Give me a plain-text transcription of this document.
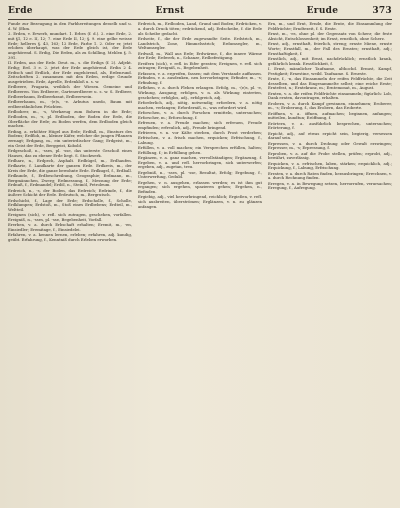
Erde	Ernst	Erude	373

Funde zur Bezeugung in den Farbhereitungen desselb und u. d. W. (Ehm.

2. Erden, v. Erwerb, mundart. 1. Erbes (f. d.). 2. eine Erde, 2. mit §1, 12 e. II, 12; 7. eine Erde II, 12; §. 9. eine gelbe weisse Erde; helleres §. 43, 163; 12 Erde, Farbe 1. 2. Oder er, jetzt erloben überhaupt, was der Erde gleich ist, der Erde angehörend. S. Erdig, Die Erden, als zu Schilling, Mehlen §. 5. 391.

II. Erden, aus der Erde. Deut. m., s. die Erdigs (f. 2). Adjekt. Erdig; Erd. 3 e. 2. jetzt der Erde angehörend. Erdin 2 4. Erdisch und Erdlich, der Erde zugehörend, als, Erdenrund. Zeitschriften 2. zusammen mit den Erden, erdige Grunde ausgetrieben. Erde, Aprelle, Erdenkloß u. s. w.

Erdbeere, Fragaria, weiblich der Wiesen. Gemeine und Erdbeeren. Von Erdbeere, Gartenerdbeere u. s. w. S. Erdbeer, Erdbeerbaum, Erdbeerkraut, Erdbeerwein.

Erdbeerbaum, m., -(e)s, -e. Arbutus unedo, Baum mit erdbeerähnlichen Früchten.

Erdbohrer, m., -s, Werkzeug zum Bohren in die Erde; Erdboden, m., -s, pl. Erdboden, der Boden der Erde, die Oberfläche der Erde; zu Boden werfen, dem Erdboden gleich machen.

Erding, a. erhöhter Hügel aus Erde; Erdfall, m., Einsturz des Bodens; Erdfloh, m., kleiner Käfer, welcher die jungen Pflanzen zernagt; Erdgang, m., ein unterirdischer Gang; Erdgeist, m., ein Geist der Erde, Berggeist, Kobold.

Erdgeschoß, n., -sses, pl. -sse, das unterste Geschoß eines Hauses, das zu ebener Erde liegt. S. Stockwerk.

Erdharz, n., Erdpech, Asphalt. Erdhügel, m., Erdhaufen. Erdkarte, f. Landkarte der ganzen Erde. Erdkreis, m., der Kreis der Erde, die ganze bewohnte Erde. Erdkugel, f., Erdball.

Erdkunde, f., Erdbeschreibung, Geographie; Erdmann, m., Bergmännchen, Zwerg; Erdmessung, f., Messung der Erde; Erdnuß, f., Erdmandel; Erdöl, n., Steinöl, Petroleum.

Erdreich, n., -s, der Boden, das Erdreich; Erdrinde, f., die äußere Schicht der Erde. Erdrutsch, m., Bergrutsch.

Erdschicht, f., Lage der Erde; Erdscholle, f., Scholle, Erdklumpen; Erdstoß, m., Stoß eines Erdbebens; Erdteil, m., Weltteil.

Ereignen (sich), v. refl. sich zutragen, geschehen, vorfallen. Ereigniß, n., -sses, pl. -sse, Begebenheit, Vorfall.

Ererben, v. a. durch Erbschaft erhalten; Eremit, m., -en, Einsiedler; Eremitage, f., Einsiedelei.

Erfahren, v. a. kennen lernen, erleben; erfahren, adj. kundig, geübt. Erfahrung, f., Kenntniß durch Erleben erworben.

Erdreich, m., Erdboden, Land, Grund und Boden; Erdrücken, v. a. durch Druck töten; erdrückend, adj. Erdscheibe, f. die Erde als Scheibe gedacht.

Erdseite, f., die der Erde zugewandte Seite. Erdstrich, m., Landstrich, Zone, Himmelsstrich; Erdumsegler, m., Weltumsegler.

Erdwall, m., Wall aus Erde; Erdwärme, f., die innere Wärme der Erde; Erdwerk, n., Schanze, Erdbefestigung.

Ereifern (sich), v. refl. in Eifer geraten; Ereignen, v. refl. sich zutragen; Ereigniß, n., Begebenheit.

Erfassen, v. a. ergreifen, fassen; mit dem Verstande auffassen. Erfinden, v. a. ausdenken, neu hervorbringen; Erfinder, m., -s; Erfindung, f.

Erflehen, v. a. durch Flehen erlangen. Erfolg, m., -(e)s, pl. -e, Wirkung, Ausgang; erfolgen, v. n. als Wirkung eintreten, geschehen; erfolglos, adj., erfolgreich, adj.

Erforderlich, adj., nötig, notwendig; erfordern, v. a. nötig machen, verlangen; Erforderniß, n., was erfordert wird.

Erforschen, v. a. durch Forschen ermitteln, untersuchen; Erforscher, m.; Erforschung, f.

Erfreuen, v. a. Freude machen; sich erfreuen, Freude empfinden; erfreulich, adj., Freude bringend.

Erfrieren, v. n. vor Kälte sterben, durch Frost verderben; Erfrischen, v. a. frisch machen, erquicken; Erfrischung, f., Labung.

Erfüllen, v. a. voll machen; ein Versprechen erfüllen, halten; Erfüllung, f.; in Erfüllung gehen.

Ergänzen, v. a. ganz machen, vervollständigen; Ergänzung, f. Ergeben, v. a. und refl. hervorbringen, sich unterwerfen; ergeben, adj., zugetan, treu.

Ergebniß, n., -sses, pl. -sse, Resultat, Erfolg; Ergebung, f., Unterwerfung, Geduld.

Ergehen, v. n. ausgehen, erlassen werden; es ist ihm gut ergangen; sich ergehen, spazieren gehen; Ergehen, n., Befinden.

Ergiebig, adj., viel hervorbringend, reichlich; Ergießen, v. refl. sich ausbreiten, überströmen; Erglänzen, v. n. zu glänzen anfangen.

Ern, m., und Ernt, Ernde, die Ernte, die Einsammlung der Feldfrüchte; Erndtezeit, f. S. Ernte.

Ernst, m., -es, ohne pl. der Gegensatz von Scherz; die feste Absicht, Entschlossenheit; im Ernst, ernstlich, ohne Scherz.

Ernst, adj., ernsthaft, feierlich, streng; ernste Miene, ernste Worte; Ernstfall, m., der Fall des Ernstes; ernsthaft, adj.; Ernsthaftigkeit, f.

Ernstlich, adj., mit Ernst, nachdrücklich; ernstlich krank, gefährlich krank. Ernstlichkeit, f.

I. Ernst, männlicher Taufname, althochd. Ernust, Kampf, Festigkeit; Ernestine, weibl. Taufname. S. Erneste.

Ernte, f., -n, das Einsammeln der reifen Feldfrüchte, die Zeit desselben, und das Eingesammelte selbst; eine reiche Ernte; Erntefest, n.; Erntekranz, m.; Erntemonat, m., August.

Ernten, v. a. die reifen Feldfrüchte einsammeln; figürlich: Lob, Dank ernten, davontragen, erhalten.

Erobern, v. a. durch Kampf gewinnen, einnehmen; Eroberer, m., -s; Eroberung, f., das Erobern, das Eroberte.

Eröffnen, v. a. öffnen, aufmachen; beginnen, anfangen; mitteilen, kundtun; Eröffnung, f.

Erörtern, v. a. ausführlich besprechen, untersuchen; Erörterung, f.

Erpicht, adj., auf etwas erpicht sein, begierig, versessen darauf sein.

Erpressen, v. a. durch Drohung oder Gewalt erzwingen; Erpresser, m., -s; Erpressung, f.

Erproben, v. a. auf die Probe stellen, prüfen; erprobt, adj., bewährt, zuverlässig.

Erquicken, v. a. erfrischen, laben, stärken; erquicklich, adj.; Erquickung, f., Labung, Erfrischung.

Erraten, v. a. durch Raten finden, herausbringen; Errechnen, v. a. durch Rechnung finden.

Erregen, v. a. in Bewegung setzen, hervorrufen, verursachen; Erregung, f., Aufregung.
